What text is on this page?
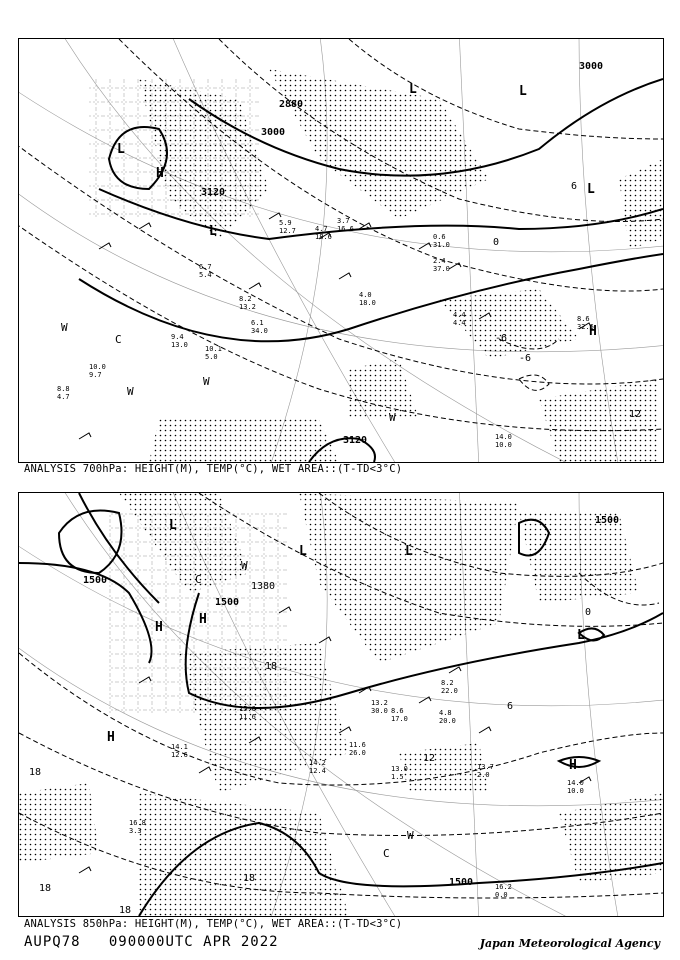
3000
3000
2880
3120
3120
12
0
-6
-6
6
L
L	L
L
L
H
H
C
W
W
W
W
5.9
12.7	4.7
18.6
3.7
16.6
6.7
5.4
8.2
13.2
6.1
34.0
4.0
18.0
2.4
37.0
4.4
4.4	8.6
32.6
14.0
10.0
10.1
5.0
10.0
9.7
0.6
31.0
8.8
4.7
9.4
13.0
ANALYSIS 700hPa: HEIGHT(M), TEMP(°C), WET AREA::(T-TD<3°C)
1500
1500
1500
1500
1380
0
6
12
18
18
18
18
18
L
L	L
L
H
H
H
H
C
C
W
W
14.0
10.0
13.2
30.0 8.6
17.0
11.6
26.0
13.0
1.5
4.8
20.0
14.1
12.6
13.7
2.0
16.8
3.3
8.2
22.0
15.0
11.6
14.2
12.4
16.2
0.0
ANALYSIS 850hPa: HEIGHT(M), TEMP(°C), WET AREA::(T-TD<3°C)
AUPQ78 090000UTC APR 2022	Japan Meteorological Agency
